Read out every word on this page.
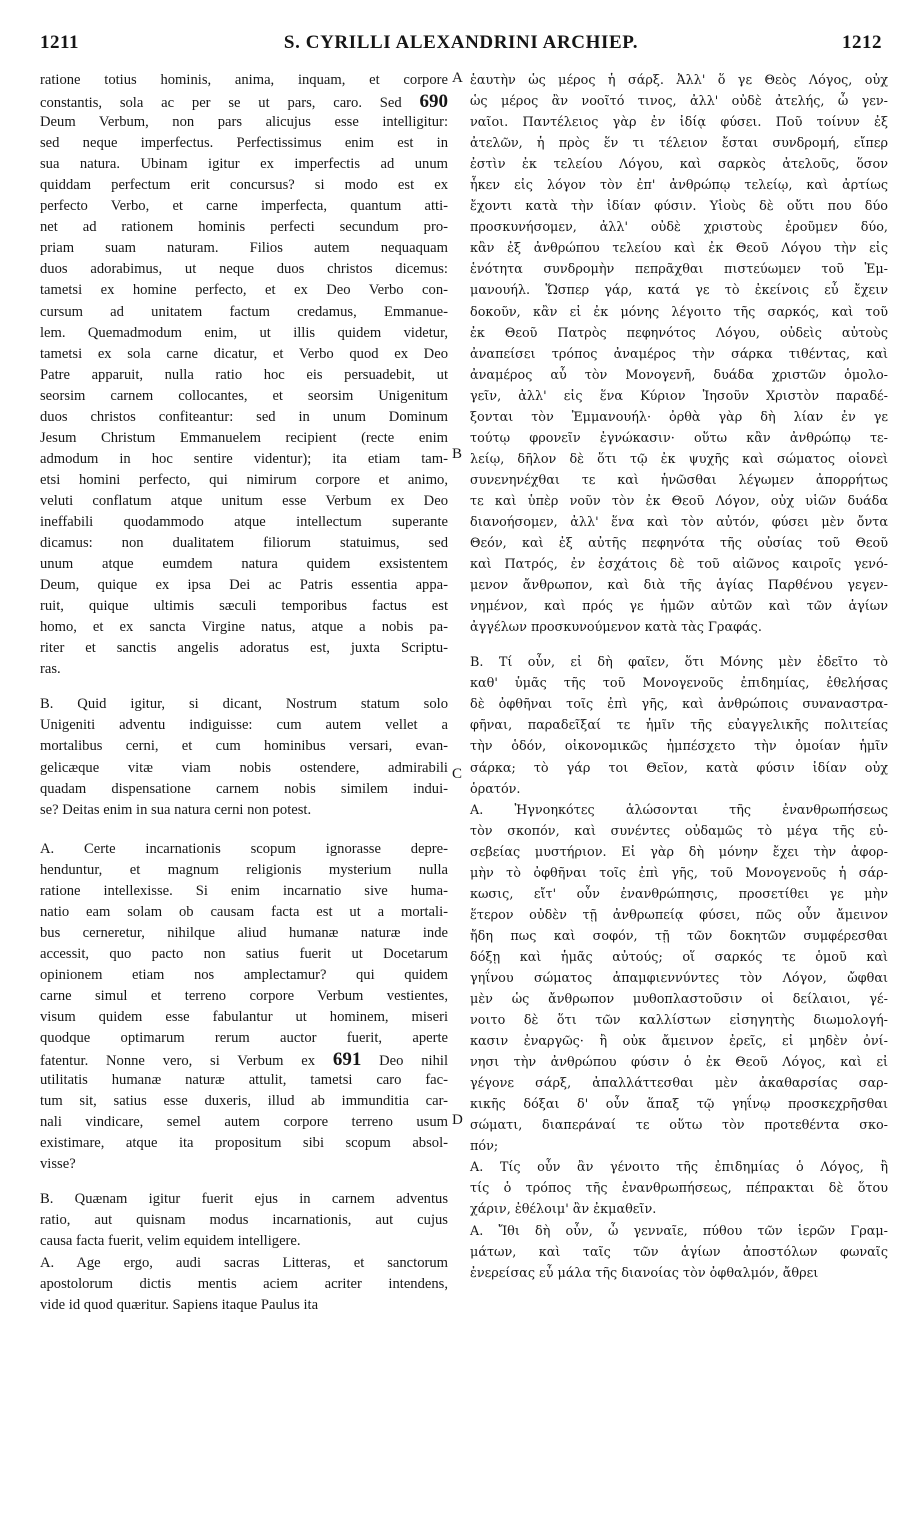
1211	S. CYRILLI ALEXANDRINI ARCHIEP.	1212
A
B
C
D
ratione totius hominis, anima, inquam, et corpore
constantis, sola ac per se ut pars, caro. Sed 690
Deum Verbum, non pars alicujus esse intelligitur:
sed neque imperfectus. Perfectissimus enim est in
sua natura. Ubinam igitur ex imperfectis ad unum
quiddam perfectum erit concursus? si modo est ex
perfecto Verbo, et carne imperfecta, quantum atti-
net ad rationem hominis perfecti secundum pro-
priam suam naturam. Filios autem nequaquam
duos adorabimus, ut neque duos christos dicemus:
tametsi ex homine perfecto, et ex Deo Verbo con-
cursum ad unitatem factum credamus, Emmanue-
lem. Quemadmodum enim, ut illis quidem videtur,
tametsi ex sola carne dicatur, et Verbo quod ex Deo
Patre apparuit, nulla ratio hoc eis persuadebit, ut
seorsim carnem collocantes, et seorsim Unigenitum
duos christos confiteantur: sed in unum Dominum
Jesum Christum Emmanuelem recipient (recte enim
admodum in hoc sentire videntur); ita etiam tam-
etsi homini perfecto, qui nimirum corpore et animo,
veluti conflatum atque unitum esse Verbum ex Deo
ineffabili quodammodo atque intellectum superante
dicamus: non dualitatem filiorum statuimus, sed
unum atque eumdem natura quidem exsistentem
Deum, quique ex ipsa Dei ac Patris essentia appa-
ruit, quique ultimis sæculi temporibus factus est
homo, et ex sancta Virgine natus, atque a nobis pa-
riter et sanctis angelis adoratus est, juxta Scriptu-
ras.
B. Quid igitur, si dicant, Nostrum statum solo
Unigeniti adventu indiguisse: cum autem vellet a
mortalibus cerni, et cum hominibus versari, evan-
gelicæque vitæ viam nobis ostendere, admirabili
quadam dispensatione carnem nobis similem indui-
se? Deitas enim in sua natura cerni non potest.
A. Certe incarnationis scopum ignorasse depre-
henduntur, et magnum religionis mysterium nulla
ratione intellexisse. Si enim incarnatio sive huma-
natio eam solam ob causam facta est ut a mortali-
bus cerneretur, nihilque aliud humanæ naturæ inde
accessit, quo pacto non satius fuerit ut Docetarum
opinionem etiam nos amplectamur? qui quidem
carne simul et terreno corpore Verbum vestientes,
visum quidem esse fabulantur ut hominem, miseri
quodque optimarum rerum auctor fuerit, aperte
fatentur. Nonne vero, si Verbum ex 691 Deo nihil
utilitatis humanæ naturæ attulit, tametsi caro fac-
tum sit, satius esse duxeris, illud ab immunditia car-
nali vindicare, semel autem corpore terreno usum
existimare, atque ita propositum sibi scopum absol-
visse?
B. Quænam igitur fuerit ejus in carnem adventus
ratio, aut quisnam modus incarnationis, aut cujus
causa facta fuerit, velim equidem intelligere.
A. Age ergo, audi sacras Litteras, et sanctorum
apostolorum dictis mentis aciem acriter intendens,
vide id quod quæritur. Sapiens itaque Paulus ita
ἑαυτὴν ὡς μέρος ἡ σάρξ. Ἀλλ' ὅ γε Θεὸς Λόγος, οὐχ
ὡς μέρος ἂν νοοῖτό τινος, ἀλλ' οὐδὲ ἀτελής, ὦ γεν-
ναῖοι. Παντέλειος γὰρ ἐν ἰδίᾳ φύσει. Ποῦ τοίνυν ἐξ
ἀτελῶν, ἡ πρὸς ἕν τι τέλειον ἔσται συνδρομή, εἴπερ
ἐστὶν ἐκ τελείου Λόγου, καὶ σαρκὸς ἀτελοῦς, ὅσον
ἧκεν εἰς λόγον τὸν ἐπ' ἀνθρώπῳ τελείῳ, καὶ ἀρτίως
ἔχοντι κατὰ τὴν ἰδίαν φύσιν. Υἱοὺς δὲ οὔτι που δύο
προσκυνήσομεν, ἀλλ' οὐδὲ χριστοὺς ἐροῦμεν δύο,
κἂν ἐξ ἀνθρώπου τελείου καὶ ἐκ Θεοῦ Λόγου τὴν εἰς
ἑνότητα συνδρομὴν πεπρᾶχθαι πιστεύωμεν τοῦ Ἐμ-
μανουήλ. Ὥσπερ γάρ, κατά γε τὸ ἐκείνοις εὖ ἔχειν
δοκοῦν, κἂν εἰ ἐκ μόνης λέγοιτο τῆς σαρκός, καὶ τοῦ
ἐκ Θεοῦ Πατρὸς πεφηνότος Λόγου, οὐδεὶς αὐτοὺς
ἀναπείσει τρόπος ἀναμέρος τὴν σάρκα τιθέντας, καὶ
ἀναμέρος αὖ τὸν Μονογενῆ, δυάδα χριστῶν ὁμολο-
γεῖν, ἀλλ' εἰς ἕνα Κύριον Ἰησοῦν Χριστὸν παραδέ-
ξονται τὸν Ἐμμανουήλ· ὀρθὰ γὰρ δὴ λίαν ἐν γε
τούτῳ φρονεῖν ἐγνώκασιν· οὕτω κἂν ἀνθρώπῳ τε-
λείῳ, δῆλον δὲ ὅτι τῷ ἐκ ψυχῆς καὶ σώματος οἱονεὶ
συνενηνέχθαι τε καὶ ἡνῶσθαι λέγωμεν ἀπορρήτως
τε καὶ ὑπὲρ νοῦν τὸν ἐκ Θεοῦ Λόγον, οὐχ υἱῶν δυάδα
διανοήσομεν, ἀλλ' ἕνα καὶ τὸν αὐτόν, φύσει μὲν ὄντα
Θεόν, καὶ ἐξ αὐτῆς πεφηνότα τῆς οὐσίας τοῦ Θεοῦ
καὶ Πατρός, ἐν ἐσχάτοις δὲ τοῦ αἰῶνος καιροῖς γενό-
μενον ἄνθρωπον, καὶ διὰ τῆς ἁγίας Παρθένου γεγεν-
νημένον, καὶ πρός γε ἡμῶν αὐτῶν καὶ τῶν ἁγίων
ἀγγέλων προσκυνούμενον κατὰ τὰς Γραφάς.
B. Τί οὖν, εἰ δὴ φαῖεν, ὅτι Μόνης μὲν ἐδεῖτο τὸ
καθ' ὑμᾶς τῆς τοῦ Μονογενοῦς ἐπιδημίας, ἐθελήσας
δὲ ὀφθῆναι τοῖς ἐπὶ γῆς, καὶ ἀνθρώποις συναναστρα-
φῆναι, παραδεῖξαί τε ἡμῖν τῆς εὐαγγελικῆς πολιτείας
τὴν ὁδόν, οἰκονομικῶς ἠμπέσχετο τὴν ὁμοίαν ἡμῖν
σάρκα; τὸ γάρ τοι Θεῖον, κατὰ φύσιν ἰδίαν οὐχ
ὁρατόν.
A. Ἠγνοηκότες ἁλώσονται τῆς ἐνανθρωπήσεως
τὸν σκοπόν, καὶ συνέντες οὐδαμῶς τὸ μέγα τῆς εὐ-
σεβείας μυστήριον. Εἰ γὰρ δὴ μόνην ἔχει τὴν ἀφορ-
μὴν τὸ ὀφθῆναι τοῖς ἐπὶ γῆς, τοῦ Μονογενοῦς ἡ σάρ-
κωσις, εἴτ' οὖν ἐνανθρώπησις, προσετίθει γε μὴν
ἕτερον οὐδὲν τῇ ἀνθρωπείᾳ φύσει, πῶς οὖν ἄμεινον
ἤδη πως καὶ σοφόν, τῇ τῶν δοκητῶν συμφέρεσθαι
δόξῃ καὶ ἡμᾶς αὐτούς; οἵ σαρκός τε ὁμοῦ καὶ
γηΐνου σώματος ἀπαμφιεννύντες τὸν Λόγον, ὤφθαι
μὲν ὡς ἄνθρωπον μυθοπλαστοῦσιν οἱ δείλαιοι, γέ-
νοιτο δὲ ὅτι τῶν καλλίστων εἰσηγητὴς διωμολογή-
κασιν ἐναργῶς· ἢ οὐκ ἄμεινον ἐρεῖς, εἰ μηδὲν ὀνί-
νησι τὴν ἀνθρώπου φύσιν ὁ ἐκ Θεοῦ Λόγος, καὶ εἰ
γέγονε σάρξ, ἀπαλλάττεσθαι μὲν ἀκαθαρσίας σαρ-
κικῆς δόξαι δ' οὖν ἅπαξ τῷ γηΐνῳ προσκεχρῆσθαι
σώματι, διαπεράναί τε οὕτω τὸν προτεθέντα σκο-
πόν;
A. Τίς οὖν ἂν γένοιτο τῆς ἐπιδημίας ὁ Λόγος, ἢ
τίς ὁ τρόπος τῆς ἐνανθρωπήσεως, πέπρακται δὲ ὅτου
χάριν, ἐθέλοιμ' ἂν ἐκμαθεῖν.
A. Ἴθι δὴ οὖν, ὦ γενναῖε, πύθου τῶν ἱερῶν Γραμ-
μάτων, καὶ ταῖς τῶν ἁγίων ἀποστόλων φωναῖς
ἐνερείσας εὖ μάλα τῆς διανοίας τὸν ὀφθαλμόν, ἄθρει
